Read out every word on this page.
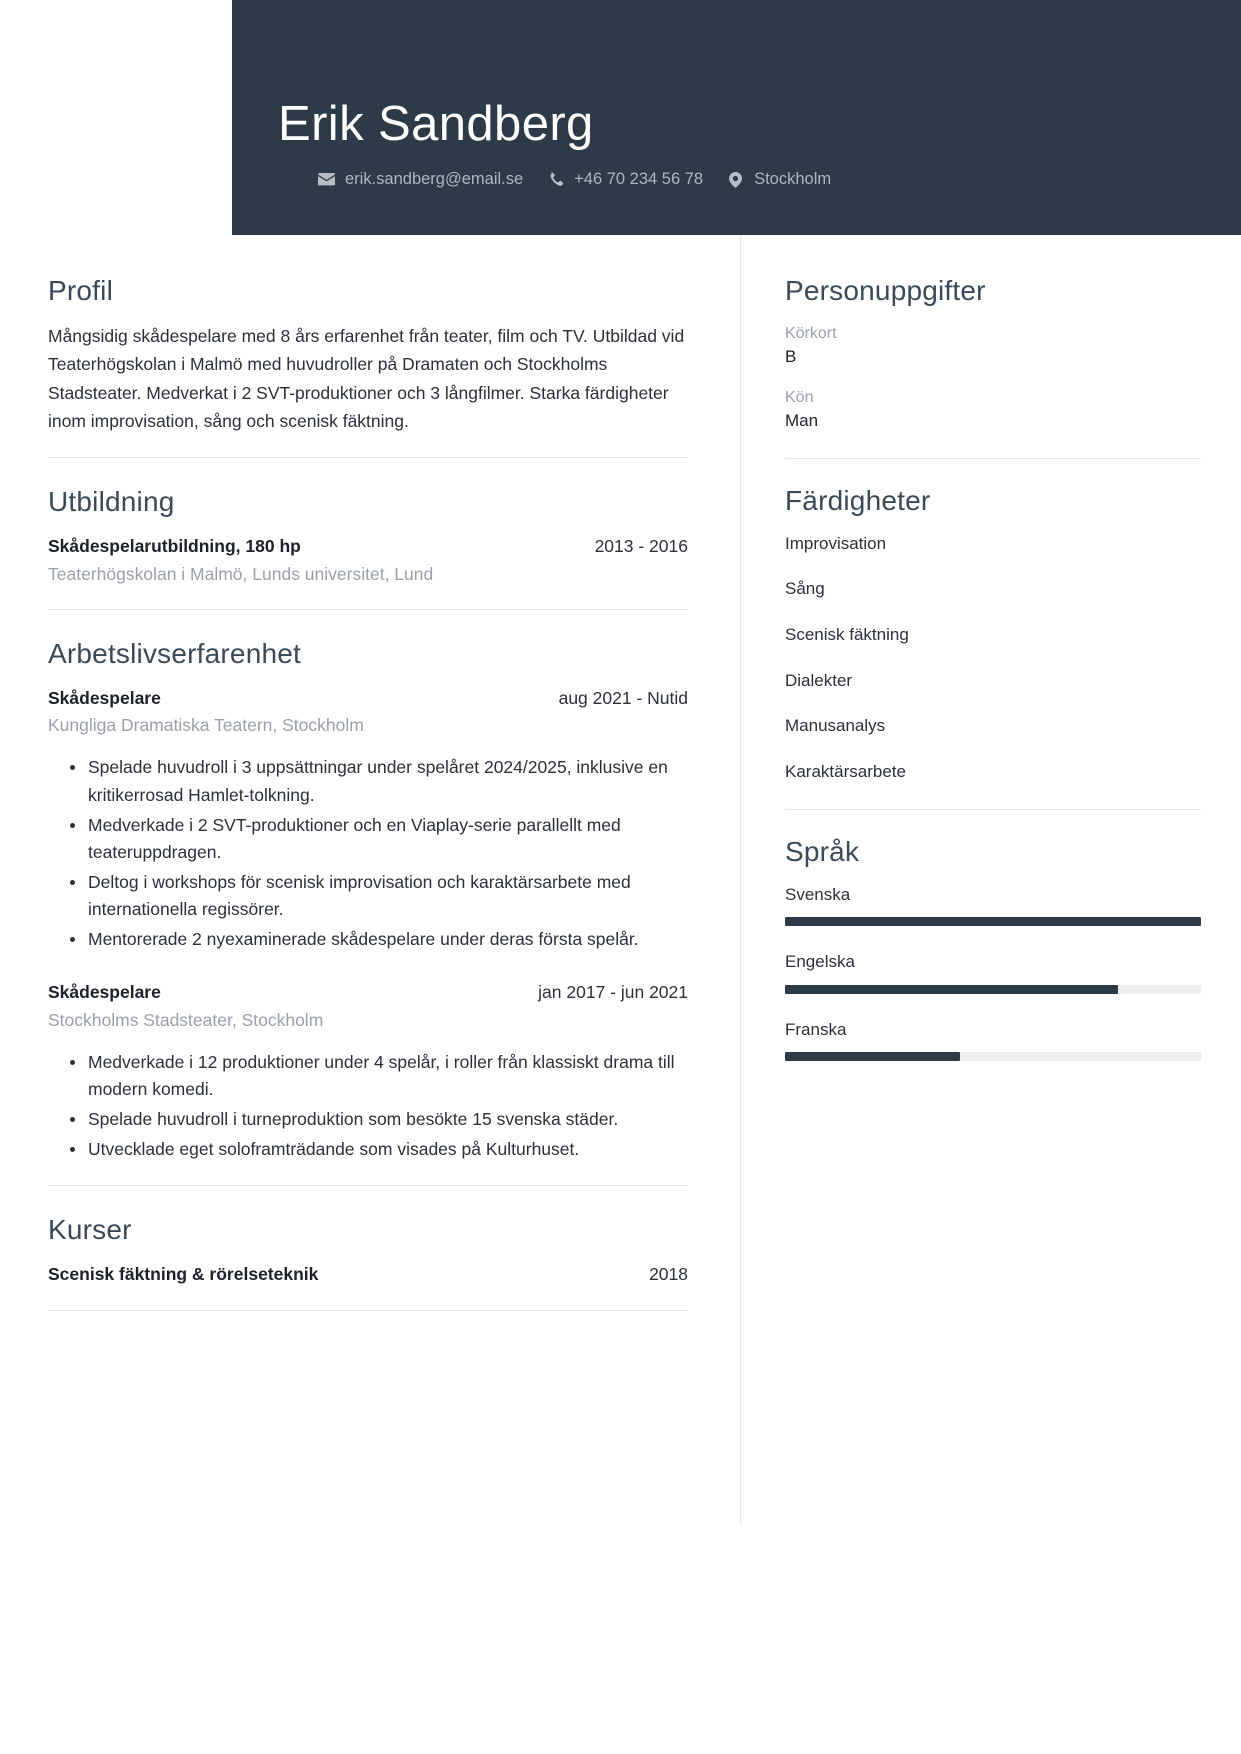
Erik Sandberg
erik.sandberg@email.se	+46 70 234 56 78	Stockholm
Profil

Mångsidig skådespelare med 8 års erfarenhet från teater, film och TV. Utbildad vid Teaterhögskolan i Malmö med huvudroller på Dramaten och Stockholms Stadsteater. Medverkat i 2 SVT-produktioner och 3 långfilmer. Starka färdigheter inom improvisation, sång och scenisk fäktning.

Utbildning
Skådespelarutbildning, 180 hp	2013 - 2016
Teaterhögskolan i Malmö, Lunds universitet, Lund
Arbetslivserfarenhet
Skådespelare	aug 2021 - Nutid
Kungliga Dramatiska Teatern, Stockholm
Spelade huvudroll i 3 uppsättningar under spelåret 2024/2025, inklusive en kritikerrosad Hamlet-tolkning.
Medverkade i 2 SVT-produktioner och en Viaplay-serie parallellt med teateruppdragen.
Deltog i workshops för scenisk improvisation och karaktärsarbete med internationella regissörer.
Mentorerade 2 nyexaminerade skådespelare under deras första spelår.
Skådespelare	jan 2017 - jun 2021
Stockholms Stadsteater, Stockholm
Medverkade i 12 produktioner under 4 spelår, i roller från klassiskt drama till modern komedi.
Spelade huvudroll i turneproduktion som besökte 15 svenska städer.
Utvecklade eget soloframträdande som visades på Kulturhuset.
Kurser
Scenisk fäktning & rörelseteknik	2018
Personuppgifter
Körkort
B
Kön
Man
Färdigheter
Improvisation
Sång
Scenisk fäktning
Dialekter
Manusanalys
Karaktärsarbete
Språk
Svenska
Engelska
Franska
